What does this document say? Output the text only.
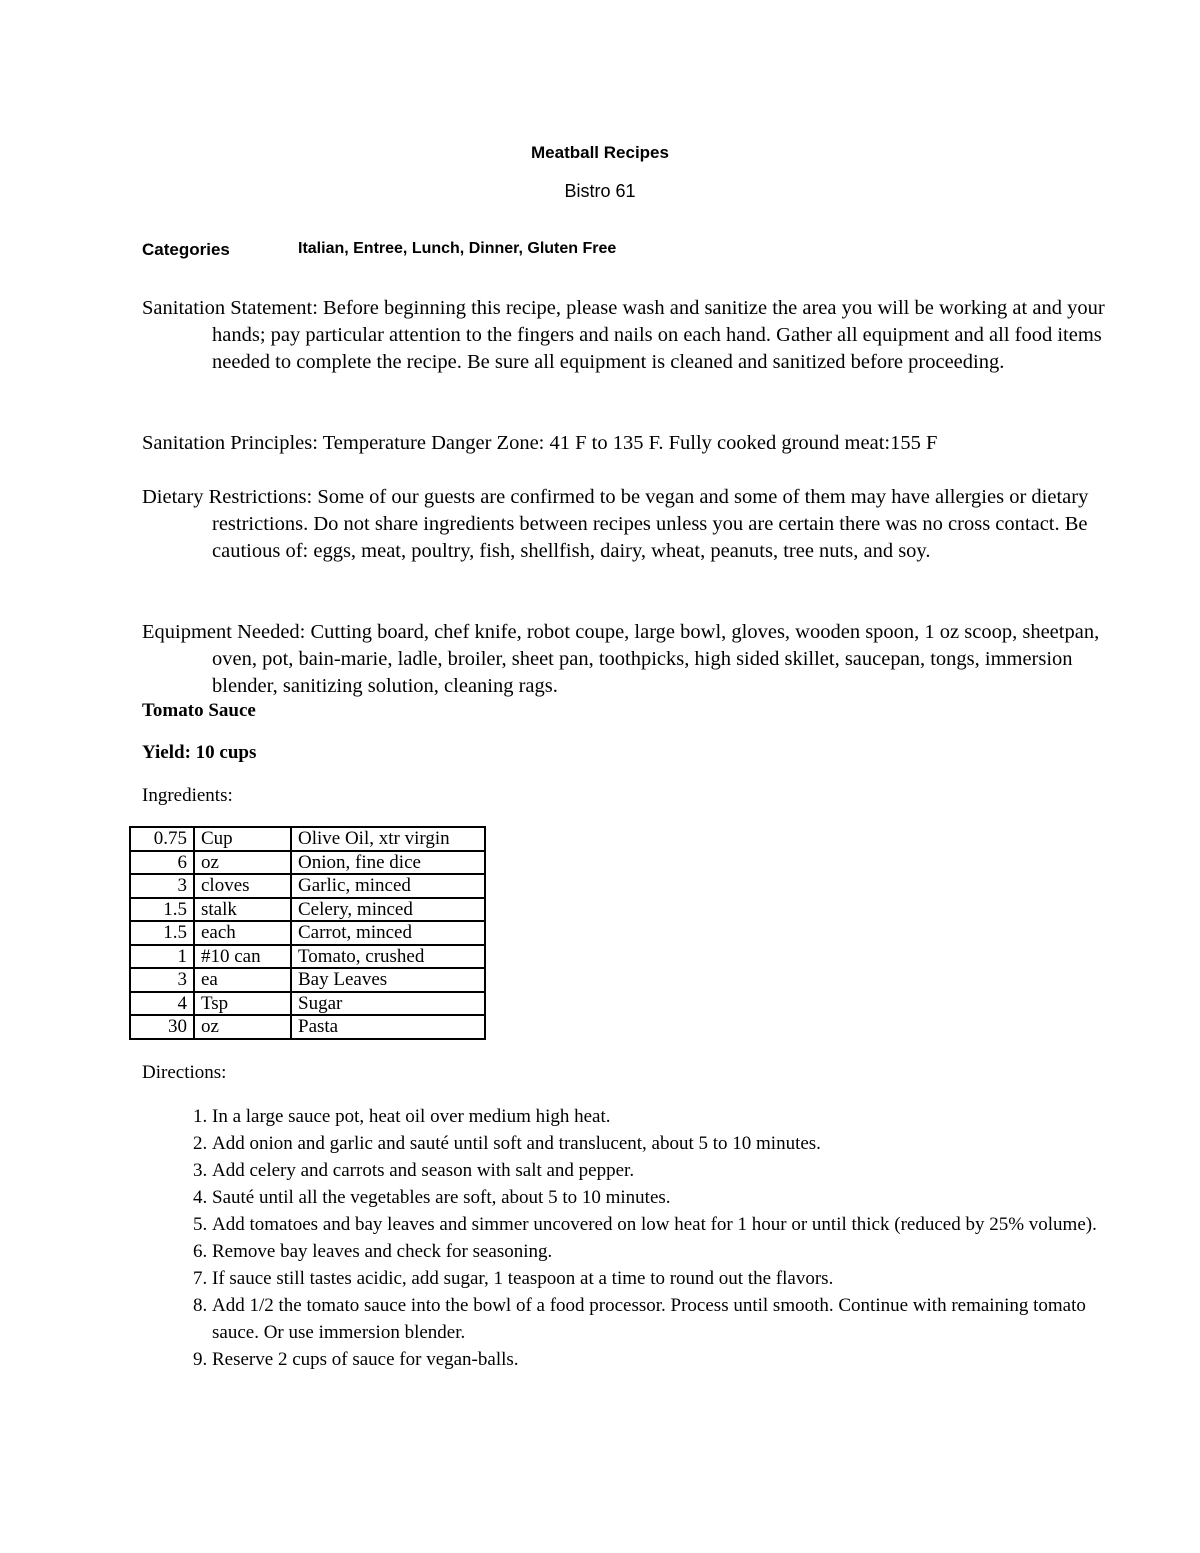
Meatball Recipes
Bistro 61
Categories	Italian, Entree, Lunch, Dinner, Gluten Free
Sanitation Statement: Before beginning this recipe, please wash and sanitize the area you will be working at and your hands; pay particular attention to the fingers and nails on each hand. Gather all equipment and all food items needed to complete the recipe. Be sure all equipment is cleaned and sanitized before proceeding.
Sanitation Principles: Temperature Danger Zone: 41 F to 135 F. Fully cooked ground meat:155 F
Dietary Restrictions: Some of our guests are confirmed to be vegan and some of them may have allergies or dietary restrictions. Do not share ingredients between recipes unless you are certain there was no cross contact. Be cautious of: eggs, meat, poultry, fish, shellfish, dairy, wheat, peanuts, tree nuts, and soy.
Equipment Needed: Cutting board, chef knife, robot coupe, large bowl, gloves, wooden spoon, 1 oz scoop, sheetpan, oven, pot, bain-marie, ladle, broiler, sheet pan, toothpicks, high sided skillet, saucepan, tongs, immersion blender, sanitizing solution, cleaning rags.
Tomato Sauce
Yield: 10 cups
Ingredients:
0.75	Cup	Olive Oil, xtr virgin
6	oz	Onion, fine dice
3	cloves	Garlic, minced
1.5	stalk	Celery, minced
1.5	each	Carrot, minced
1	#10 can	Tomato, crushed
3	ea	Bay Leaves
4	Tsp	Sugar
30	oz	Pasta
Directions:
1. In a large sauce pot, heat oil over medium high heat.
2. Add onion and garlic and sauté until soft and translucent, about 5 to 10 minutes.
3. Add celery and carrots and season with salt and pepper.
4. Sauté until all the vegetables are soft, about 5 to 10 minutes.
5. Add tomatoes and bay leaves and simmer uncovered on low heat for 1 hour or until thick (reduced by 25% volume).
6. Remove bay leaves and check for seasoning.
7. If sauce still tastes acidic, add sugar, 1 teaspoon at a time to round out the flavors.
8. Add 1/2 the tomato sauce into the bowl of a food processor. Process until smooth. Continue with remaining tomato sauce. Or use immersion blender.
9. Reserve 2 cups of sauce for vegan-balls.
